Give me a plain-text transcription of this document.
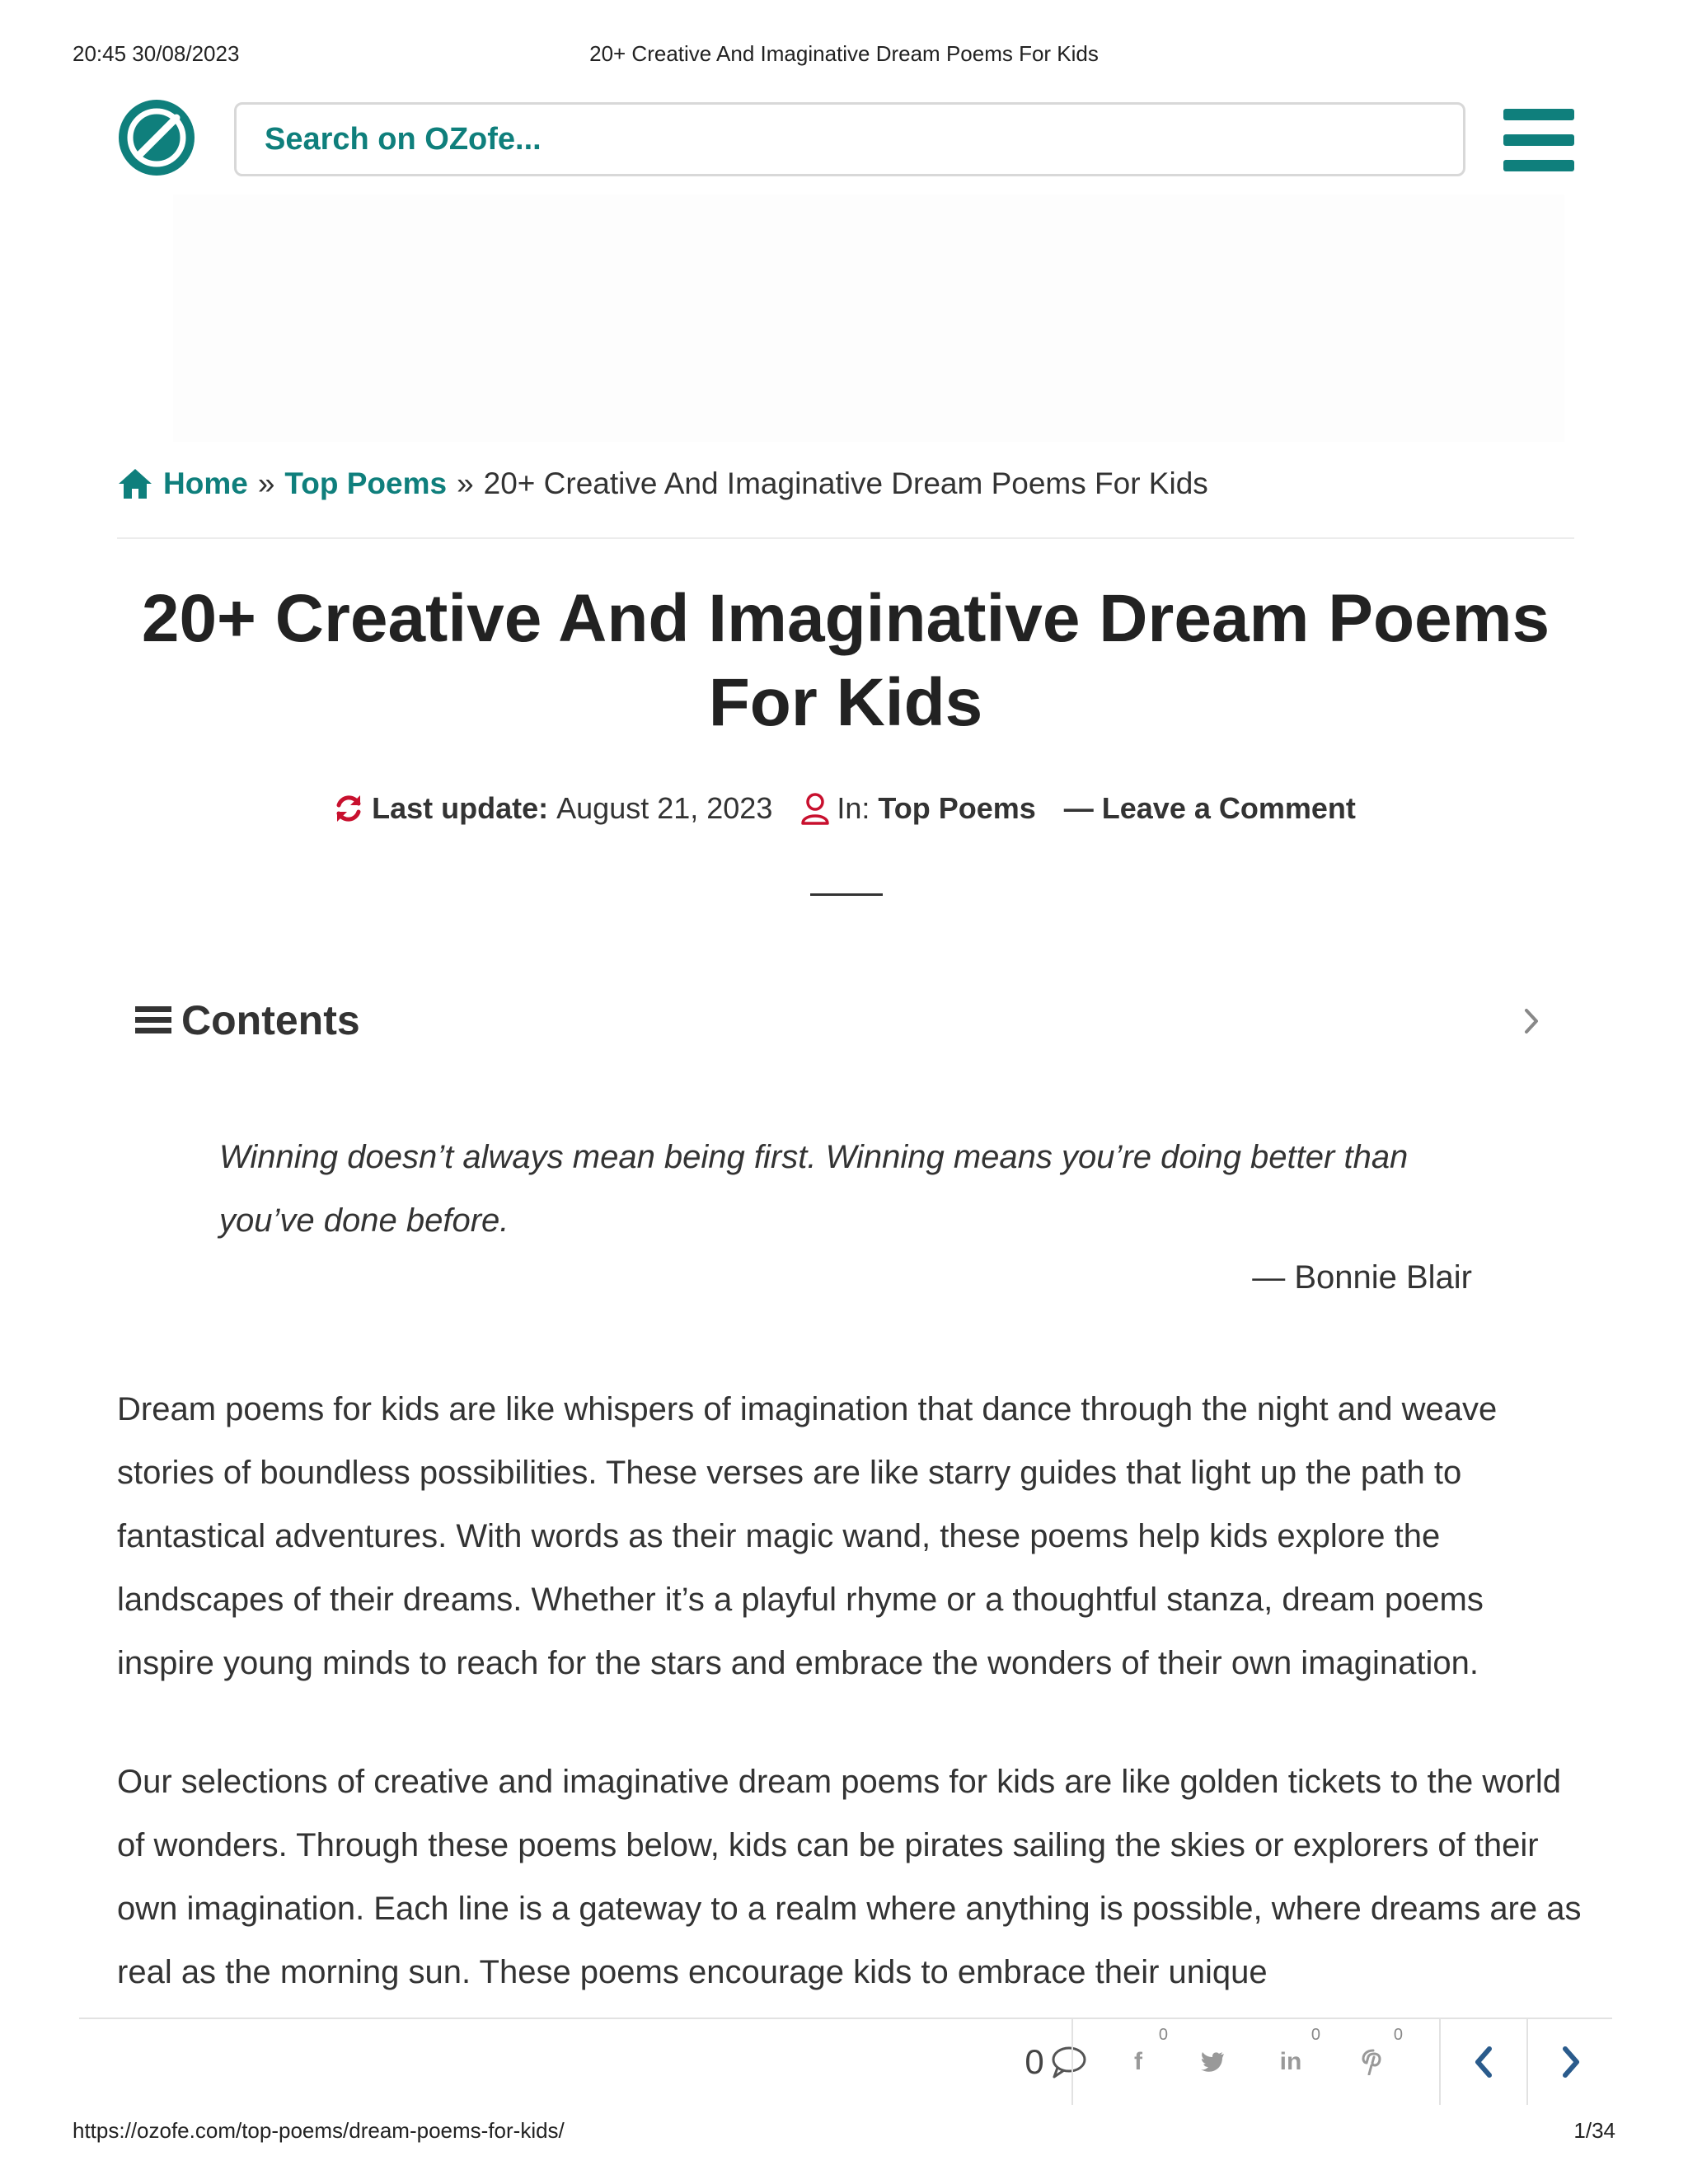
20:45 30/08/2023	20+ Creative And Imaginative Dream Poems For Kids
Search on OZofe...
Home » Top Poems » 20+ Creative And Imaginative Dream Poems For Kids
20+ Creative And Imaginative Dream Poems For Kids
Last update:
August 21, 2023 In:
Top Poems — Leave a Comment
Contents
Winning doesn’t always mean being first. Winning means you’re doing better than you’ve done before.
— Bonnie Blair

Dream poems for kids are like whispers of imagination that dance through the night and weave stories of boundless possibilities. These verses are like starry guides that light up the path to fantastical adventures. With words as their magic wand, these poems help kids explore the landscapes of their dreams. Whether it’s a playful rhyme or a thoughtful stanza, dream poems inspire young minds to reach for the stars and embrace the wonders of their own imagination.

Our selections of creative and imaginative dream poems for kids are like golden tickets to the world of wonders. Through these poems below, kids can be pirates sailing the skies or explorers of their own imagination. Each line is a gateway to a realm where anything is possible, where dreams are as real as the morning sun. These poems encourage kids to embrace their unique

0	f
0
in
0	0
https://ozofe.com/top-poems/dream-poems-for-kids/	1/34
